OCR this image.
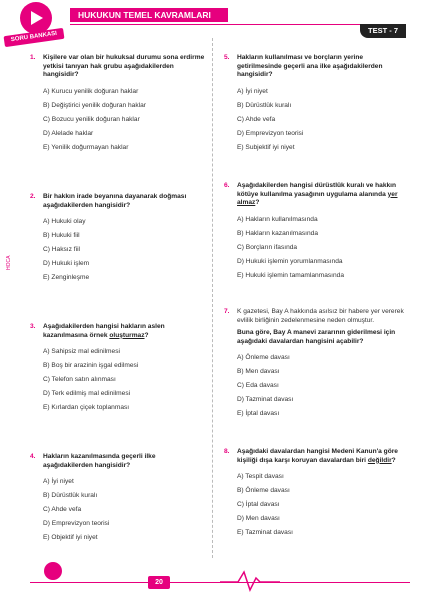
SORU BANKASI
HUKUKUN TEMEL KAVRAMLARI
TEST - 7
HOCA
1. Kişilere var olan bir hukuksal durumu sona erdirme yetkisi tanıyan hak grubu aşağıdakilerden hangisidir?
A) Kurucu yenilik doğuran haklar
B) Değiştirici yenilik doğuran haklar
C) Bozucu yenilik doğuran haklar
D) Alelade haklar
E) Yenilik doğurmayan haklar
2. Bir hakkın irade beyanına dayanarak doğması aşağıdakilerden hangisidir?
A) Hukuki olay
B) Hukuki fiil
C) Haksız fiil
D) Hukuki işlem
E) Zenginleşme
3. Aşağıdakilerden hangisi hakların aslen kazanılmasına örnek oluşturmaz?
A) Sahipsiz mal edinilmesi
B) Boş bir arazinin işgal edilmesi
C) Telefon satın alınması
D) Terk edilmiş mal edinilmesi
E) Kırlardan çiçek toplanması
4. Hakların kazanılmasında geçerli ilke aşağıdakilerden hangisidir?
A) İyi niyet
B) Dürüstlük kuralı
C) Ahde vefa
D) Emprevizyon teorisi
E) Objektif iyi niyet
5. Hakların kullanılması ve borçların yerine getirilmesinde geçerli ana ilke aşağıdakilerden hangisidir?
A) İyi niyet
B) Dürüstlük kuralı
C) Ahde vefa
D) Emprevizyon teorisi
E) Subjektif iyi niyet
6. Aşağıdakilerden hangisi dürüstlük kuralı ve hakkın kötüye kullanılma yasağının uygulama alanında yer almaz?
A) Hakların kullanılmasında
B) Hakların kazanılmasında
C) Borçların ifasında
D) Hukuki işlemin yorumlanmasında
E) Hukuki işlemin tamamlanmasında
7. K gazetesi, Bay A hakkında asılsız bir habere yer vererek evlilik birliğinin zedelenmesine neden olmuştur.
Buna göre, Bay A manevi zararının giderilmesi için aşağıdaki davalardan hangisini açabilir?
A) Önleme davası
B) Men davası
C) Eda davası
D) Tazminat davası
E) İptal davası
8. Aşağıdaki davalardan hangisi Medeni Kanun'a göre kişiliği dışa karşı koruyan davalardan biri değildir?
A) Tespit davası
B) Önleme davası
C) İptal davası
D) Men davası
E) Tazminat davası
20
